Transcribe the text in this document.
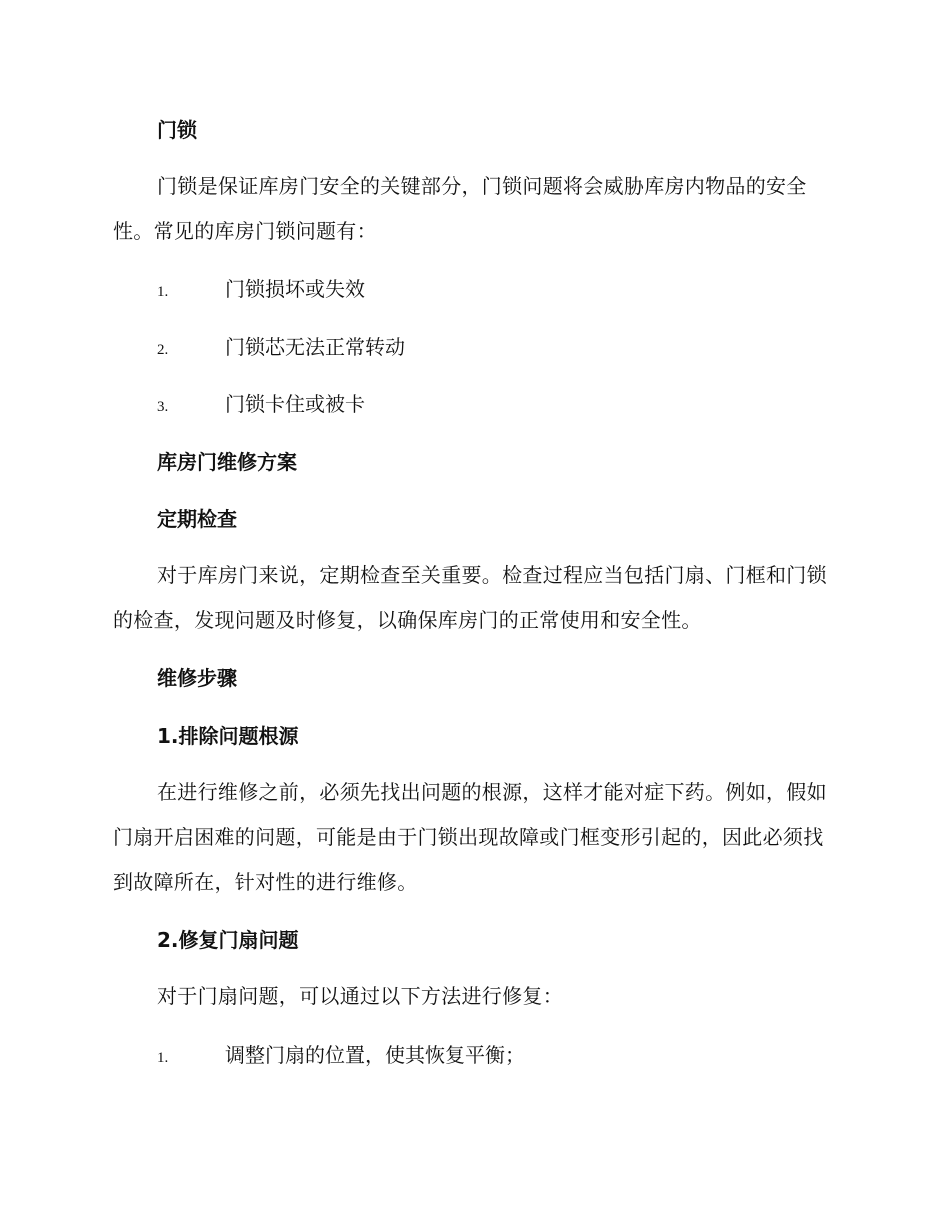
门锁
门锁是保证库房门安全的关键部分，门锁问题将会威胁库房内物品的安全性。常见的库房门锁问题有：
1.	门锁损坏或失效
2.	门锁芯无法正常转动
3.	门锁卡住或被卡
库房门维修方案
定期检查
对于库房门来说，定期检查至关重要。检查过程应当包括门扇、门框和门锁的检查，发现问题及时修复，以确保库房门的正常使用和安全性。
维修步骤
1.排除问题根源
在进行维修之前，必须先找出问题的根源，这样才能对症下药。例如，假如门扇开启困难的问题，可能是由于门锁出现故障或门框变形引起的，因此必须找到故障所在，针对性的进行维修。
2.修复门扇问题
对于门扇问题，可以通过以下方法进行修复：
1.	调整门扇的位置，使其恢复平衡；
